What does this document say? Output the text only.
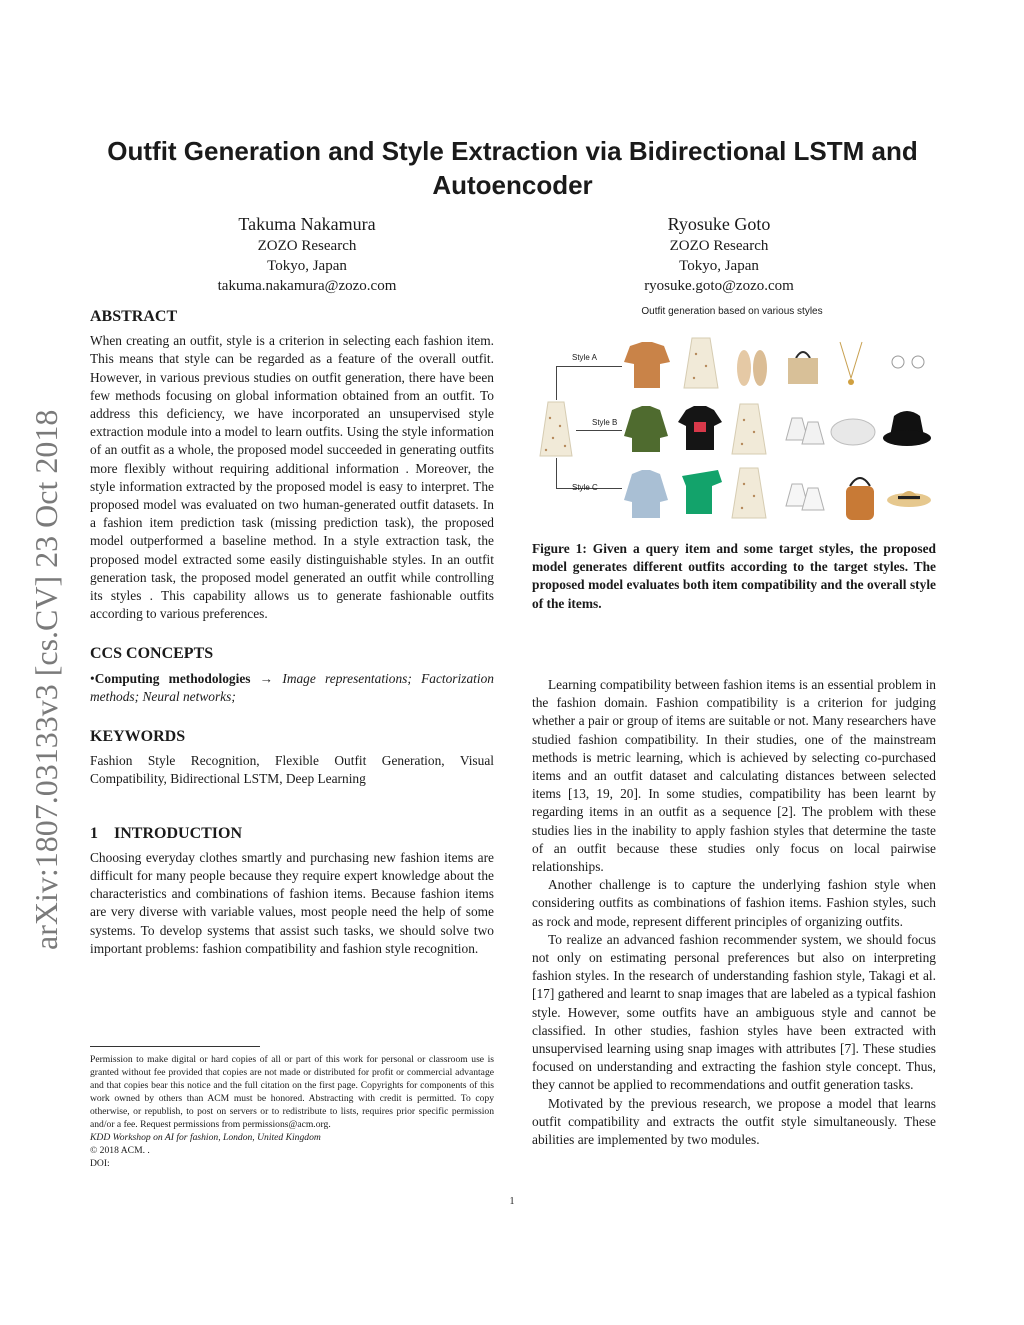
arXiv:1807.03133v3 [cs.CV] 23 Oct 2018
Outfit Generation and Style Extraction via Bidirectional LSTM and Autoencoder
Takuma Nakamura
ZOZO Research
Tokyo, Japan
takuma.nakamura@zozo.com
Ryosuke Goto
ZOZO Research
Tokyo, Japan
ryosuke.goto@zozo.com
ABSTRACT

When creating an outfit, style is a criterion in selecting each fashion item. This means that style can be regarded as a feature of the overall outfit. However, in various previous studies on outfit generation, there have been few methods focusing on global information obtained from an outfit. To address this deficiency, we have incorporated an unsupervised style extraction module into a model to learn outfits. Using the style information of an outfit as a whole, the proposed model succeeded in generating outfits more flexibly without requiring additional information . Moreover, the style information extracted by the proposed model is easy to interpret. The proposed model was evaluated on two human-generated outfit datasets. In a fashion item prediction task (missing prediction task), the proposed model outperformed a baseline method. In a style extraction task, the proposed model extracted some easily distinguishable styles. In an outfit generation task, the proposed model generated an outfit while controlling its styles . This capability allows us to generate fashionable outfits according to various preferences.

CCS CONCEPTS

•Computing methodologies → Image representations; Factorization methods; Neural networks;

KEYWORDS

Fashion Style Recognition, Flexible Outfit Generation, Visual Compatibility, Bidirectional LSTM, Deep Learning

1 INTRODUCTION

Choosing everyday clothes smartly and purchasing new fashion items are difficult for many people because they require expert knowledge about the characteristics and combinations of fashion items. Because fashion items are very diverse with variable values, most people need the help of some systems. To develop systems that assist such tasks, we should solve two important problems: fashion compatibility and fashion style recognition.

Permission to make digital or hard copies of all or part of this work for personal or classroom use is granted without fee provided that copies are not made or distributed for profit or commercial advantage and that copies bear this notice and the full citation on the first page. Copyrights for components of this work owned by others than ACM must be honored. Abstracting with credit is permitted. To copy otherwise, or republish, to post on servers or to redistribute to lists, requires prior specific permission and/or a fee. Request permissions from permissions@acm.org.
KDD Workshop on AI for fashion, London, United Kingdom
© 2018 ACM. .
DOI:
Outfit generation based on various styles
Style A
Style B
Style C
Figure 1: Given a query item and some target styles, the proposed model generates different outfits according to the target styles. The proposed model evaluates both item compatibility and the overall style of the items.

Learning compatibility between fashion items is an essential problem in the fashion domain. Fashion compatibility is a criterion for judging whether a pair or group of items are suitable or not. Many researchers have studied fashion compatibility. In their studies, one of the mainstream methods is metric learning, which is achieved by selecting co-purchased items and an outfit dataset and calculating distances between selected items [13, 19, 20]. In some studies, compatibility has been learnt by regarding items in an outfit as a sequence [2]. The problem with these studies lies in the inability to apply fashion styles that determine the taste of an outfit because these studies only focus on local pairwise relationships.

Another challenge is to capture the underlying fashion style when considering outfits as combinations of fashion items. Fashion styles, such as rock and mode, represent different principles of organizing outfits.

To realize an advanced fashion recommender system, we should focus not only on estimating personal preferences but also on interpreting fashion styles. In the research of understanding fashion style, Takagi et al. [17] gathered and learnt to snap images that are labeled as a typical fashion style. However, some outfits have an ambiguous style and cannot be classified. In other studies, fashion styles have been extracted with unsupervised learning using snap images with attributes [7]. These studies focused on understanding and extracting the fashion style concept. Thus, they cannot be applied to recommendations and outfit generation tasks.

Motivated by the previous research, we propose a model that learns outfit compatibility and extracts the outfit style simultaneously. These abilities are implemented by two modules.

1
